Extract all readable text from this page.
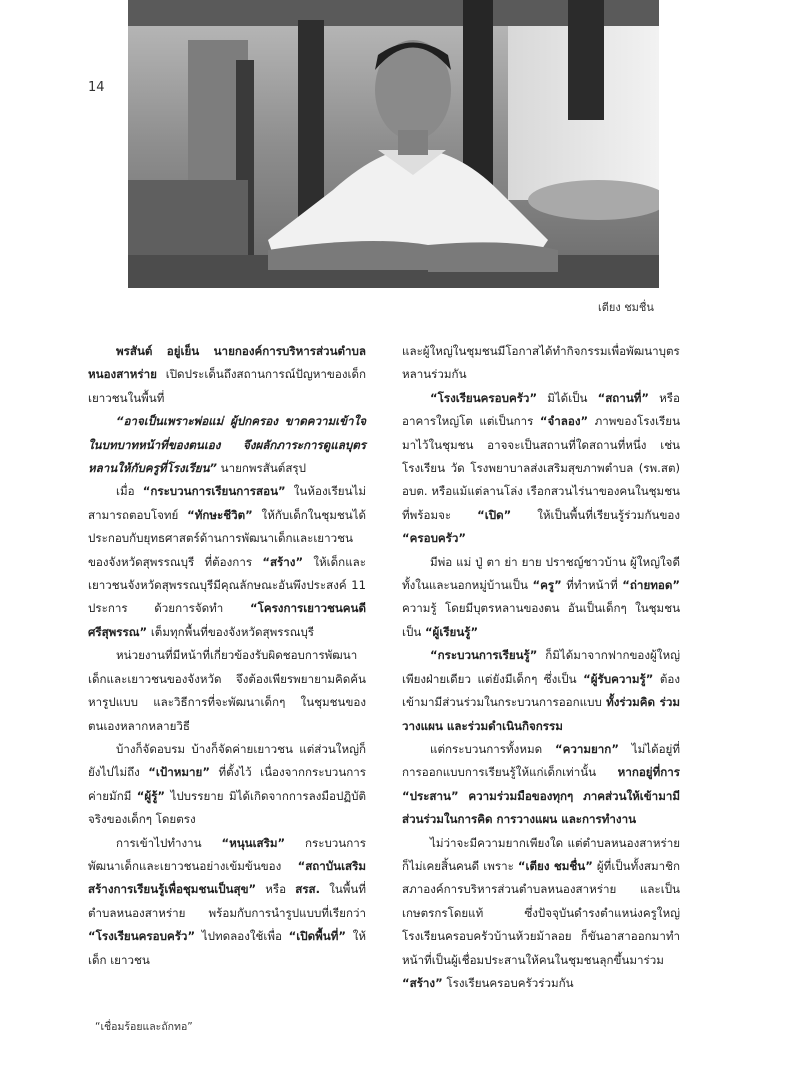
14
เตียง ชมชื่น

พรสันต์ อยู่เย็น นายกองค์การบริหารส่วนตำบล หนองสาหร่าย เปิดประเด็นถึงสถานการณ์ปัญหาของเด็กเยาวชนในพื้นที่

“อาจเป็นเพราะพ่อแม่ ผู้ปกครอง ขาดความเข้าใจในบทบาทหน้าที่ของตนเอง จึงผลักภาระการดูแลบุตรหลานให้กับครูที่โรงเรียน” นายกพรสันต์สรุป

เมื่อ “กระบวนการเรียนการสอน” ในห้องเรียนไม่สามารถตอบโจทย์ “ทักษะชีวิต” ให้กับเด็กในชุมชนได้ ประกอบกับยุทธศาสตร์ด้านการพัฒนาเด็กและเยาวชนของจังหวัดสุพรรณบุรี ที่ต้องการ “สร้าง” ให้เด็กและเยาวชนจังหวัดสุพรรณบุรีมีคุณลักษณะอันพึงประสงค์ 11 ประการ ด้วยการจัดทำ “โครงการเยาวชนคนดีศรีสุพรรณ” เต็มทุกพื้นที่ของจังหวัดสุพรรณบุรี

หน่วยงานที่มีหน้าที่เกี่ยวข้องรับผิดชอบการพัฒนาเด็กและเยาวชนของจังหวัด จึงต้องเพียรพยายามคิดค้นหารูปแบบ และวิธีการที่จะพัฒนาเด็กๆ ในชุมชนของตนเองหลากหลายวิธี

บ้างก็จัดอบรม บ้างก็จัดค่ายเยาวชน แต่ส่วนใหญ่ก็ยังไปไม่ถึง “เป้าหมาย” ที่ตั้งไว้ เนื่องจากกระบวนการค่ายมักมี “ผู้รู้” ไปบรรยาย มิได้เกิดจากการลงมือปฏิบัติจริงของเด็กๆ โดยตรง

การเข้าไปทำงาน “หนุนเสริม” กระบวนการพัฒนาเด็กและเยาวชนอย่างเข้มข้นของ “สถาบันเสริมสร้างการเรียนรู้เพื่อชุมชนเป็นสุข” หรือ สรส. ในพื้นที่ตำบลหนองสาหร่าย พร้อมกับการนำรูปแบบที่เรียกว่า “โรงเรียนครอบครัว” ไปทดลองใช้เพื่อ “เปิดพื้นที่” ให้เด็ก เยาวชน

และผู้ใหญ่ในชุมชนมีโอกาสได้ทำกิจกรรมเพื่อพัฒนาบุตรหลานร่วมกัน

“โรงเรียนครอบครัว” มิได้เป็น “สถานที่” หรืออาคารใหญ่โต แต่เป็นการ “จำลอง” ภาพของโรงเรียนมาไว้ในชุมชน อาจจะเป็นสถานที่ใดสถานที่หนึ่ง เช่น โรงเรียน วัด โรงพยาบาลส่งเสริมสุขภาพตำบล (รพ.สต) อบต. หรือแม้แต่ลานโล่ง เรือกสวนไร่นาของคนในชุมชนที่พร้อมจะ “เปิด” ให้เป็นพื้นที่เรียนรู้ร่วมกันของ “ครอบครัว”

มีพ่อ แม่ ปู่ ตา ย่า ยาย ปราชญ์ชาวบ้าน ผู้ใหญ่ใจดีทั้งในและนอกหมู่บ้านเป็น “ครู” ที่ทำหน้าที่ “ถ่ายทอด” ความรู้ โดยมีบุตรหลานของตน อันเป็นเด็กๆ ในชุมชนเป็น “ผู้เรียนรู้”

“กระบวนการเรียนรู้” ก็มิได้มาจากฟากของผู้ใหญ่เพียงฝ่ายเดียว แต่ยังมีเด็กๆ ซึ่งเป็น “ผู้รับความรู้” ต้องเข้ามามีส่วนร่วมในกระบวนการออกแบบ ทั้งร่วมคิด ร่วมวางแผน และร่วมดำเนินกิจกรรม

แต่กระบวนการทั้งหมด “ความยาก” ไม่ได้อยู่ที่การออกแบบการเรียนรู้ให้แก่เด็กเท่านั้น หากอยู่ที่การ “ประสาน” ความร่วมมือของทุกๆ ภาคส่วนให้เข้ามามีส่วนร่วมในการคิด การวางแผน และการทำงาน

ไม่ว่าจะมีความยากเพียงใด แต่ตำบลหนองสาหร่ายก็ไม่เคยสิ้นคนดี เพราะ “เตียง ชมชื่น” ผู้ที่เป็นทั้งสมาชิกสภาองค์การบริหารส่วนตำบลหนองสาหร่าย และเป็นเกษตรกรโดยแท้ ซึ่งปัจจุบันดำรงตำแหน่งครูใหญ่โรงเรียนครอบครัวบ้านห้วยม้าลอย ก็ขันอาสาออกมาทำหน้าที่เป็นผู้เชื่อมประสานให้คนในชุมชนลุกขึ้นมาร่วม “สร้าง” โรงเรียนครอบครัวร่วมกัน

“เชื่อมร้อยและถักทอ”
